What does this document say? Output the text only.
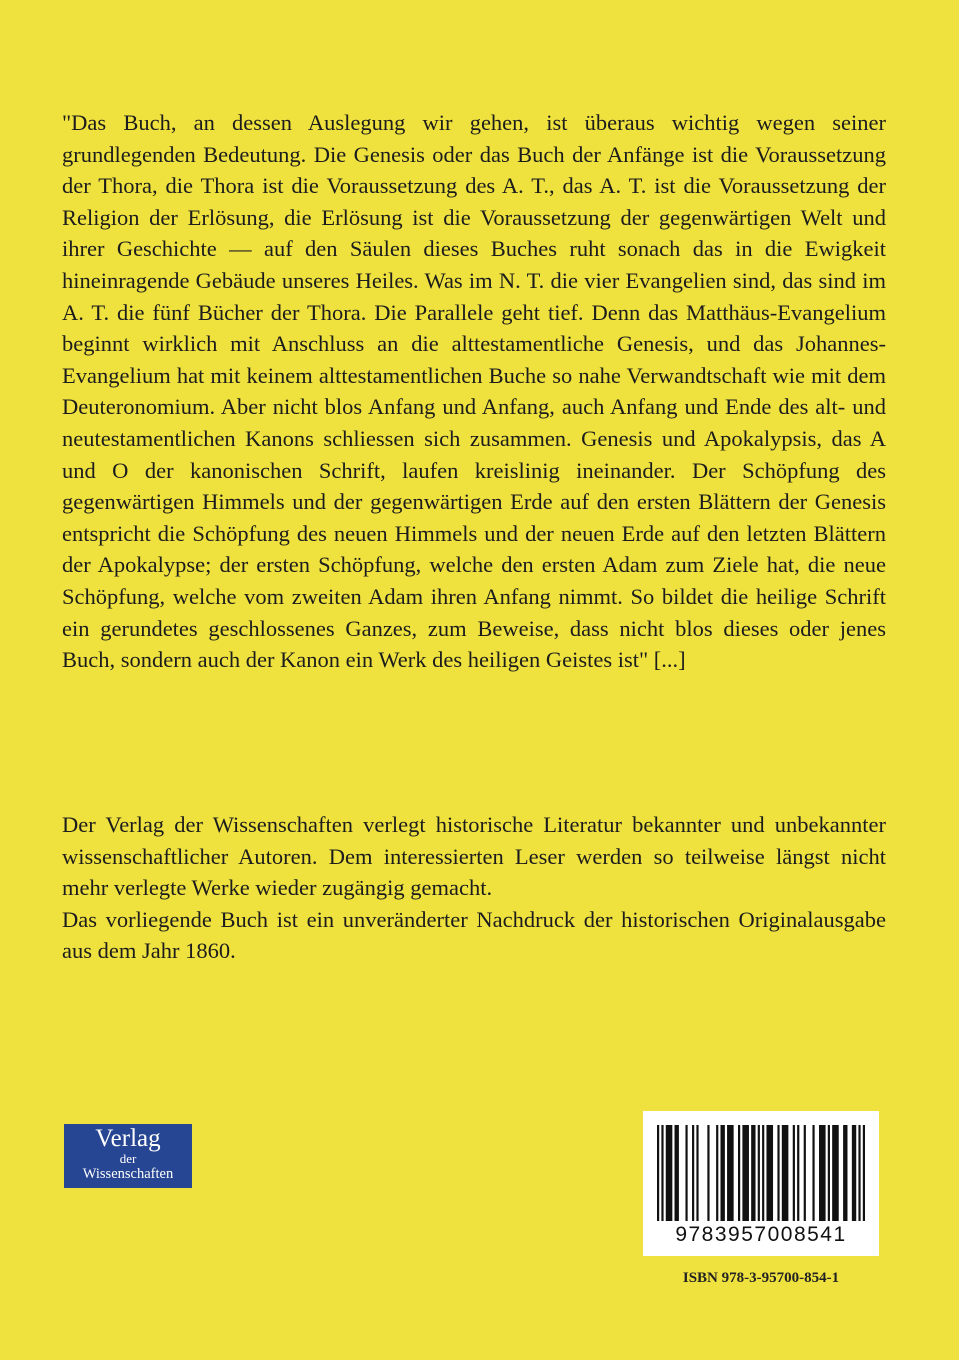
"Das Buch, an dessen Auslegung wir gehen, ist überaus wichtig wegen seiner grundlegenden Bedeutung. Die Genesis oder das Buch der Anfänge ist die Voraussetzung der Thora, die Thora ist die Voraussetzung des A. T., das A. T. ist die Voraussetzung der Religion der Erlösung, die Erlösung ist die Voraussetzung der gegenwärtigen Welt und ihrer Geschichte — auf den Säulen dieses Buches ruht sonach das in die Ewigkeit hineinragende Gebäude unseres Heiles. Was im N. T. die vier Evangelien sind, das sind im A. T. die fünf Bücher der Thora. Die Parallele geht tief. Denn das Matthäus-Evangelium beginnt wirklich mit Anschluss an die alttestamentliche Genesis, und das Johannes-Evangelium hat mit keinem alttestamentlichen Buche so nahe Verwandtschaft wie mit dem Deuteronomium. Aber nicht blos Anfang und Anfang, auch Anfang und Ende des alt- und neutestamentlichen Kanons schliessen sich zusammen. Genesis und Apokalypsis, das A und O der kanonischen Schrift, laufen kreislinig ineinander. Der Schöpfung des gegenwärtigen Himmels und der gegenwärtigen Erde auf den ersten Blättern der Genesis entspricht die Schöpfung des neuen Himmels und der neuen Erde auf den letzten Blättern der Apokalypse; der ersten Schöpfung, welche den ersten Adam zum Ziele hat, die neue Schöpfung, welche vom zweiten Adam ihren Anfang nimmt. So bildet die heilige Schrift ein gerundetes geschlossenes Ganzes, zum Beweise, dass nicht blos dieses oder jenes Buch, sondern auch der Kanon ein Werk des heiligen Geistes ist" [...]

Der Verlag der Wissenschaften verlegt historische Literatur bekannter und unbekannter wissenschaftlicher Autoren. Dem interessierten Leser werden so teilweise längst nicht mehr verlegte Werke wieder zugängig gemacht.

Das vorliegende Buch ist ein unveränderter Nachdruck der historischen Originalausgabe aus dem Jahr 1860.

Verlag
der
Wissenschaften
9783957008541
ISBN 978-3-95700-854-1
